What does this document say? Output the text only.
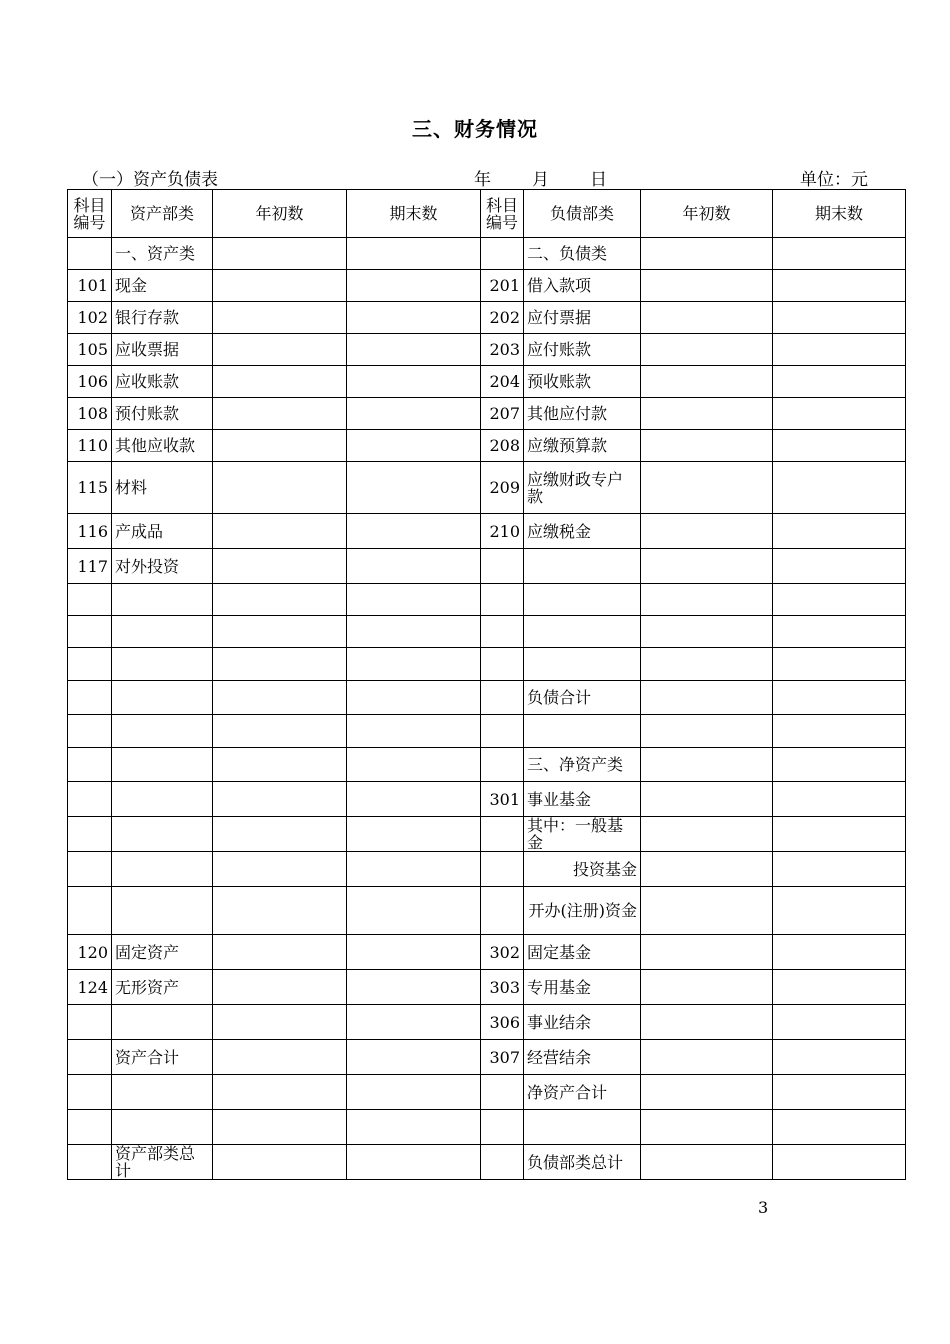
三、财务情况
（一）资产负债表	年 月 日	单位：元
科目编号	资产部类	年初数	期末数	科目编号	负债部类	年初数	期末数
	一、资产类				二、负债类		
101	现金			201	借入款项		
102	银行存款			202	应付票据		
105	应收票据			203	应付账款		
106	应收账款			204	预收账款		
108	预付账款			207	其他应付款		
110	其他应收款			208	应缴预算款		
115	材料			209	应缴财政专户款		
116	产成品			210	应缴税金		
117	对外投资						

					负债合计		

					三、净资产类		
				301	事业基金		
					其中：一般基金		
					投资基金		
					开办(注册)资金		
120	固定资产			302	固定基金		
124	无形资产			303	专用基金		
				306	事业结余		
	资产合计			307	经营结余		
					净资产合计		

	资产部类总计				负债部类总计		
3
